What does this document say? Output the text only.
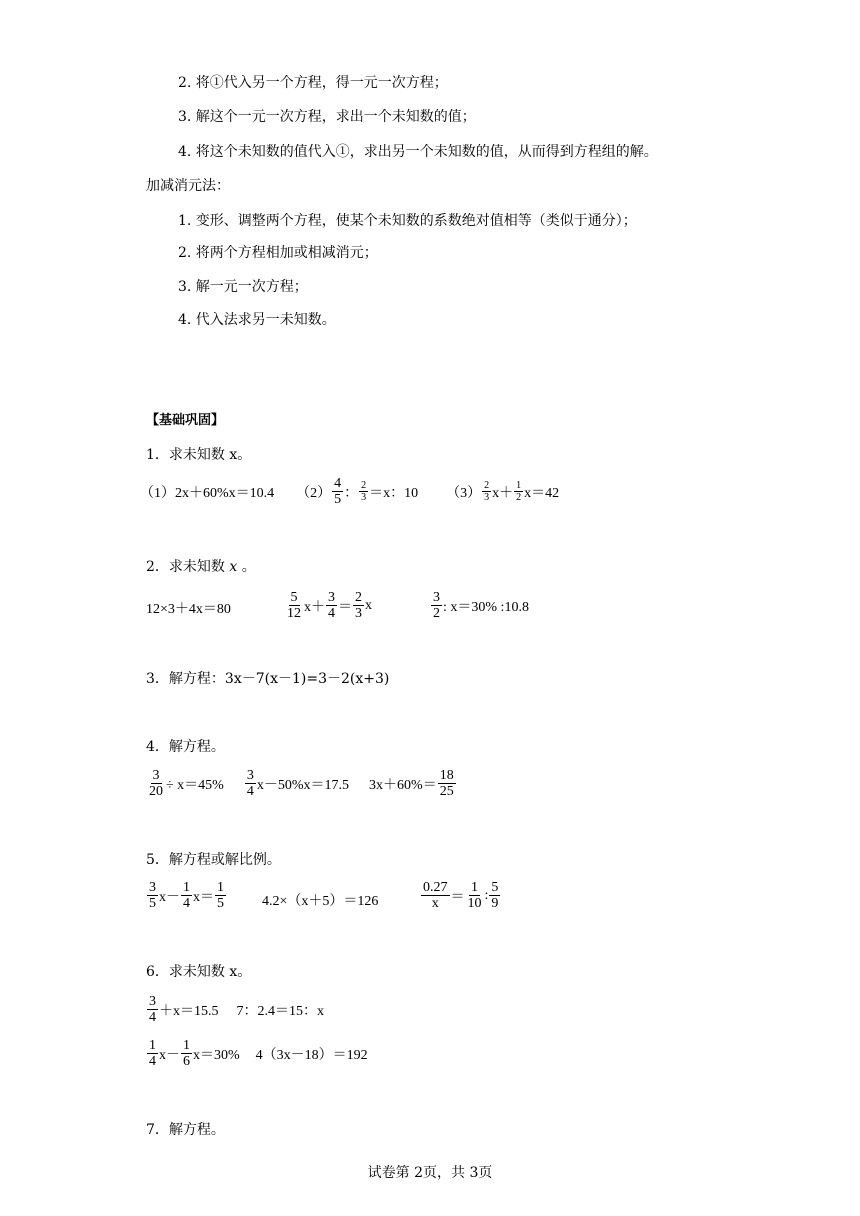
2. 将①代入另一个方程，得一元一次方程；
3. 解这个一元一次方程，求出一个未知数的值；
4. 将这个未知数的值代入①，求出另一个未知数的值，从而得到方程组的解。
加减消元法：
1. 变形、调整两个方程，使某个未知数的系数绝对值相等（类似于通分）；
2. 将两个方程相加或相减消元；
3. 解一元一次方程；
4. 代入法求另一未知数。
【基础巩固】
1．求未知数 x。
（1）2x＋60%x＝10.4 $(2) \frac{4}{5}$ ： $\frac{2}{3} =x$：10 $(3) \frac{2}{3} x+ \frac{1}{2} x=42$
2．求未知数 x 。
12×3＋4x＝80	$\frac{5}{12} x+ \frac{3}{4} = \frac{2}{3}$ x	$\frac{3}{2}$ : x＝30% :10.8
3．解方程：3x－7(x－1)=3－2(x+3)
4．解方程。
$\frac{3}{20} \div x=45\% \frac{3}{4} x-50\%x=17.5$ $3x+60\%= \frac{18}{25}$
5．解方程或解比例。
$\frac{3}{5} x- \frac{1}{4} x= \frac{1}{5}$	4.2×（x＋5）＝126	$\frac{0.27}{x} = \frac{1}{10}$ : $\frac{5}{9}$
6．求未知数 x。
$\frac{3}{4} +x=15.5$ 7：2.4＝15：x
$\frac{1}{4} x- \frac{1}{6} x=30\%$ 4（3x－18）＝192
7．解方程。
试卷第 2页，共 3页
